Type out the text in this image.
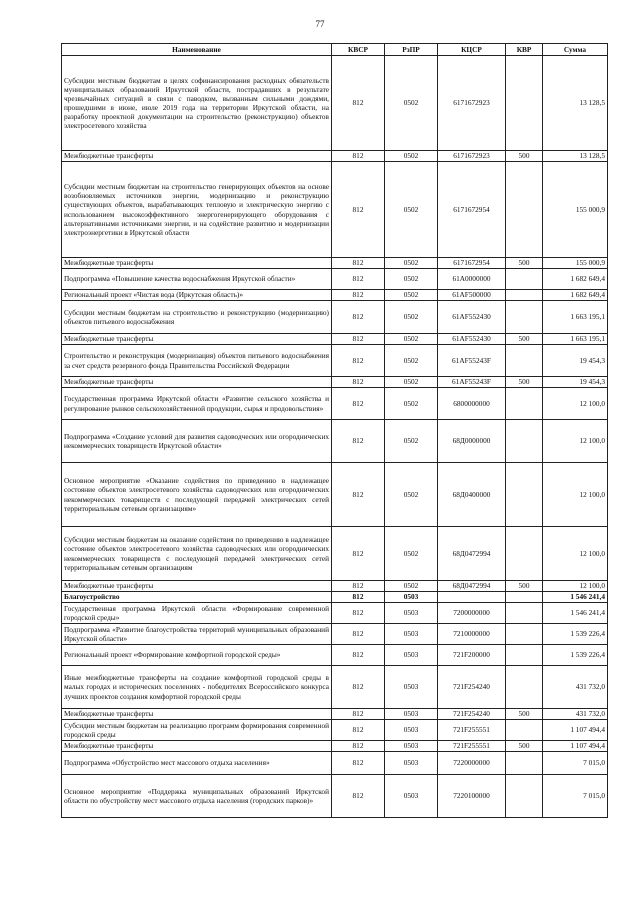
77
Наименование	КВСР	РзПР	КЦСР	КВР	Сумма
Субсидии местным бюджетам в целях софинансирования расходных обязательств муниципальных образований Иркутской области, пострадавших в результате чрезвычайных ситуаций в связи с паводком, вызванным сильными дождями, прошедшими в июне, июле 2019 года на территории Иркутской области, на разработку проектной документации на строительство (реконструкцию) объектов электросетевого хозяйства	812	0502	6171672923		13 128,5
Межбюджетные трансферты	812	0502	6171672923	500	13 128,5
Субсидии местным бюджетам на строительство генерирующих объектов на основе возобновляемых источников энергии, модернизацию и реконструкцию существующих объектов, вырабатывающих тепловую и электрическую энергию с использованием высокоэффективного энергогенерирующего оборудования с альтернативными источниками энергии, и на содействие развитию и модернизации электроэнергетики в Иркутской области	812	0502	6171672954		155 000,9
Межбюджетные трансферты	812	0502	6171672954	500	155 000,9
Подпрограмма «Повышение качества водоснабжения Иркутской области»	812	0502	61А0000000		1 682 649,4
Региональный проект «Чистая вода (Иркутская область)»	812	0502	61АF500000		1 682 649,4
Субсидии местным бюджетам на строительство и реконструкцию (модернизацию) объектов питьевого водоснабжения	812	0502	61АF552430		1 663 195,1
Межбюджетные трансферты	812	0502	61АF552430	500	1 663 195,1
Строительство и реконструкция (модернизация) объектов питьевого водоснабжения за счет средств резервного фонда Правительства Российской Федерации	812	0502	61АF55243F		19 454,3
Межбюджетные трансферты	812	0502	61АF55243F	500	19 454,3
Государственная программа Иркутской области «Развитие сельского хозяйства и регулирование рынков сельскохозяйственной продукции, сырья и продовольствия»	812	0502	6800000000		12 100,0
Подпрограмма «Создание условий для развития садоводческих или огороднических некоммерческих товариществ Иркутской области»	812	0502	68Д0000000		12 100,0
Основное мероприятие «Оказание содействия по приведению в надлежащее состояние объектов электросетевого хозяйства садоводческих или огороднических некоммерческих товариществ с последующей передачей электрических сетей территориальным сетевым организациям»	812	0502	68Д0400000		12 100,0
Субсидии местным бюджетам на оказание содействия по приведению в надлежащее состояние объектов электросетевого хозяйства садоводческих или огороднических некоммерческих товариществ с последующей передачей электрических сетей территориальным сетевым организациям	812	0502	68Д0472994		12 100,0
Межбюджетные трансферты	812	0502	68Д0472994	500	12 100,0
Благоустройство	812	0503			1 546 241,4
Государственная программа Иркутской области «Формирование современной городской среды»	812	0503	7200000000		1 546 241,4
Подпрограмма «Развитие благоустройства территорий муниципальных образований Иркутской области»	812	0503	7210000000		1 539 226,4
Региональный проект «Формирование комфортной городской среды»	812	0503	721F200000		1 539 226,4
Иные межбюджетные трансферты на создание комфортной городской среды в малых городах и исторических поселениях - победителях Всероссийского конкурса лучших проектов создания комфортной городской среды	812	0503	721F254240		431 732,0
Межбюджетные трансферты	812	0503	721F254240	500	431 732,0
Субсидии местным бюджетам на реализацию программ формирования современной городской среды	812	0503	721F255551		1 107 494,4
Межбюджетные трансферты	812	0503	721F255551	500	1 107 494,4
Подпрограмма «Обустройство мест массового отдыха населения»	812	0503	7220000000		7 015,0
Основное мероприятие «Поддержка муниципальных образований Иркутской области по обустройству мест массового отдыха населения (городских парков)»	812	0503	7220100000		7 015,0
